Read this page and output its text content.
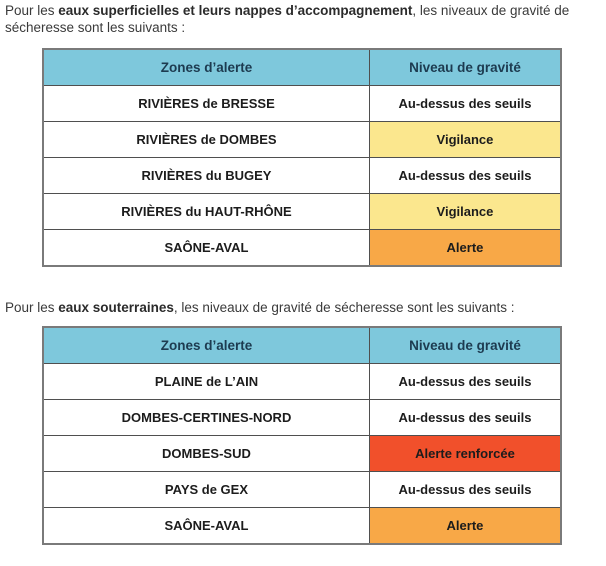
Pour les eaux superficielles et leurs nappes d’accompagnement, les niveaux de gravité de sécheresse sont les suivants :

Zones d’alerte	Niveau de gravité
RIVIÈRES de BRESSE	Au-dessus des seuils
RIVIÈRES de DOMBES	Vigilance
RIVIÈRES du BUGEY	Au-dessus des seuils
RIVIÈRES du HAUT-RHÔNE	Vigilance
SAÔNE-AVAL	Alerte

Pour les eaux souterraines, les niveaux de gravité de sécheresse sont les suivants :

Zones d’alerte	Niveau de gravité
PLAINE de L’AIN	Au-dessus des seuils
DOMBES-CERTINES-NORD	Au-dessus des seuils
DOMBES-SUD	Alerte renforcée
PAYS de GEX	Au-dessus des seuils
SAÔNE-AVAL	Alerte
